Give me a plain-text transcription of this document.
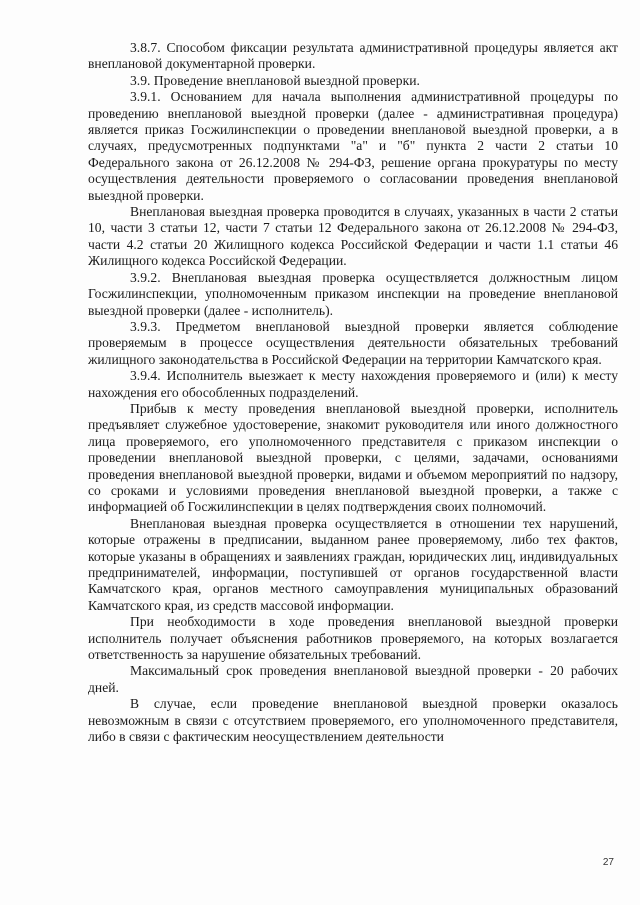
3.8.7. Способом фиксации результата административной процедуры является акт внеплановой документарной проверки.

3.9. Проведение внеплановой выездной проверки.

3.9.1. Основанием для начала выполнения административной процедуры по проведению внеплановой выездной проверки (далее - административная процедура) является приказ Госжилинспекции о проведении внеплановой выездной проверки, а в случаях, предусмотренных подпунктами "а" и "б" пункта 2 части 2 статьи 10 Федерального закона от 26.12.2008 № 294-ФЗ, решение органа прокуратуры по месту осуществления деятельности проверяемого о согласовании проведения внеплановой выездной проверки.

Внеплановая выездная проверка проводится в случаях, указанных в части 2 статьи 10, части 3 статьи 12, части 7 статьи 12 Федерального закона от 26.12.2008 № 294-ФЗ, части 4.2 статьи 20 Жилищного кодекса Российской Федерации и части 1.1 статьи 46 Жилищного кодекса Российской Федерации.

3.9.2. Внеплановая выездная проверка осуществляется должностным лицом Госжилинспекции, уполномоченным приказом инспекции на проведение внеплановой выездной проверки (далее - исполнитель).

3.9.3. Предметом внеплановой выездной проверки является соблюдение проверяемым в процессе осуществления деятельности обязательных требований жилищного законодательства в Российской Федерации на территории Камчатского края.

3.9.4. Исполнитель выезжает к месту нахождения проверяемого и (или) к месту нахождения его обособленных подразделений.

Прибыв к месту проведения внеплановой выездной проверки, исполнитель предъявляет служебное удостоверение, знакомит руководителя или иного должностного лица проверяемого, его уполномоченного представителя с приказом инспекции о проведении внеплановой выездной проверки, с целями, задачами, основаниями проведения внеплановой выездной проверки, видами и объемом мероприятий по надзору, со сроками и условиями проведения внеплановой выездной проверки, а также с информацией об Госжилинспекции в целях подтверждения своих полномочий.

Внеплановая выездная проверка осуществляется в отношении тех нарушений, которые отражены в предписании, выданном ранее проверяемому, либо тех фактов, которые указаны в обращениях и заявлениях граждан, юридических лиц, индивидуальных предпринимателей, информации, поступившей от органов государственной власти Камчатского края, органов местного самоуправления муниципальных образований Камчатского края, из средств массовой информации.

При необходимости в ходе проведения внеплановой выездной проверки исполнитель получает объяснения работников проверяемого, на которых возлагается ответственность за нарушение обязательных требований.

Максимальный срок проведения внеплановой выездной проверки - 20 рабочих дней.

В случае, если проведение внеплановой выездной проверки оказалось невозможным в связи с отсутствием проверяемого, его уполномоченного представителя, либо в связи с фактическим неосуществлением деятельности

27
